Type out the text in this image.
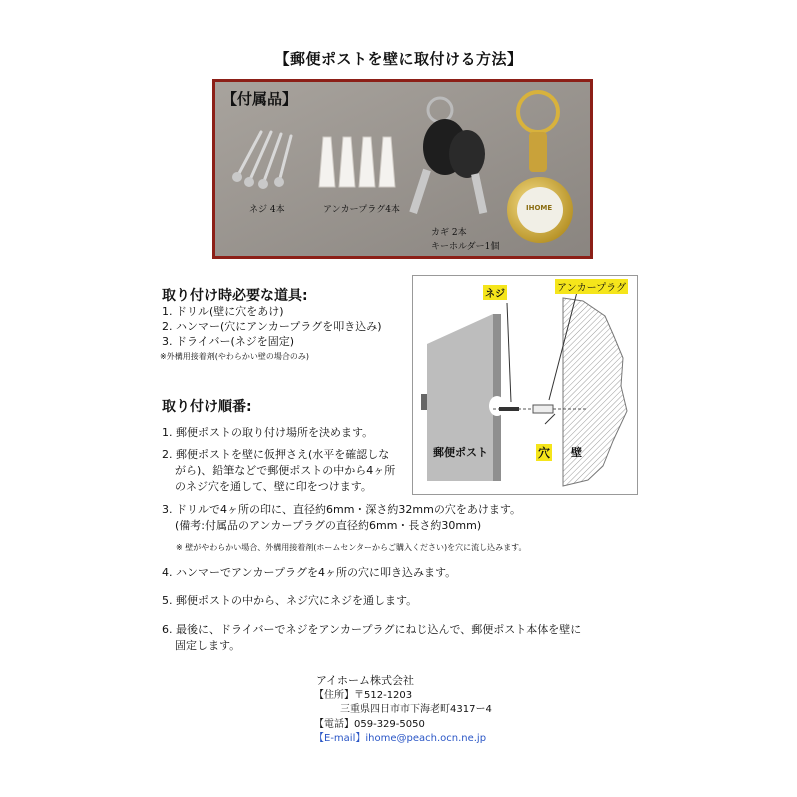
【郵便ポストを壁に取付ける方法】
【付属品】
ネジ 4本	アンカープラグ4本
カギ 2本
キーホルダー1個
IHOME
取り付け時必要な道具:
1. ドリル(壁に穴をあけ)
2. ハンマー(穴にアンカープラグを叩き込み)
3. ドライバー(ネジを固定)
※外構用接着剤(やわらかい壁の場合のみ)
取り付け順番:
1. 郵便ポストの取り付け場所を決めます。
2. 郵便ポストを壁に仮押さえ(水平を確認しな
がら)、鉛筆などで郵便ポストの中から4ヶ所
のネジ穴を通して、壁に印をつけます。
3. ドリルで4ヶ所の印に、直径約6mm・深さ約32mmの穴をあけます。
(備考:付属品のアンカープラグの直径約6mm・長さ約30mm)
※ 壁がやわらかい場合、外構用接着剤(ホームセンターからご購入ください)を穴に流し込みます。
4. ハンマーでアンカープラグを4ヶ所の穴に叩き込みます。
5. 郵便ポストの中から、ネジ穴にネジを通します。
6. 最後に、ドライバーでネジをアンカープラグにねじ込んで、郵便ポスト本体を壁に
固定します。
ネジ
アンカープラグ
穴
郵便ポスト	壁
アイホーム株式会社
【住所】〒512-1203
三重県四日市市下海老町4317ー4
【電話】059-329-5050
【E-mail】ihome@peach.ocn.ne.jp
